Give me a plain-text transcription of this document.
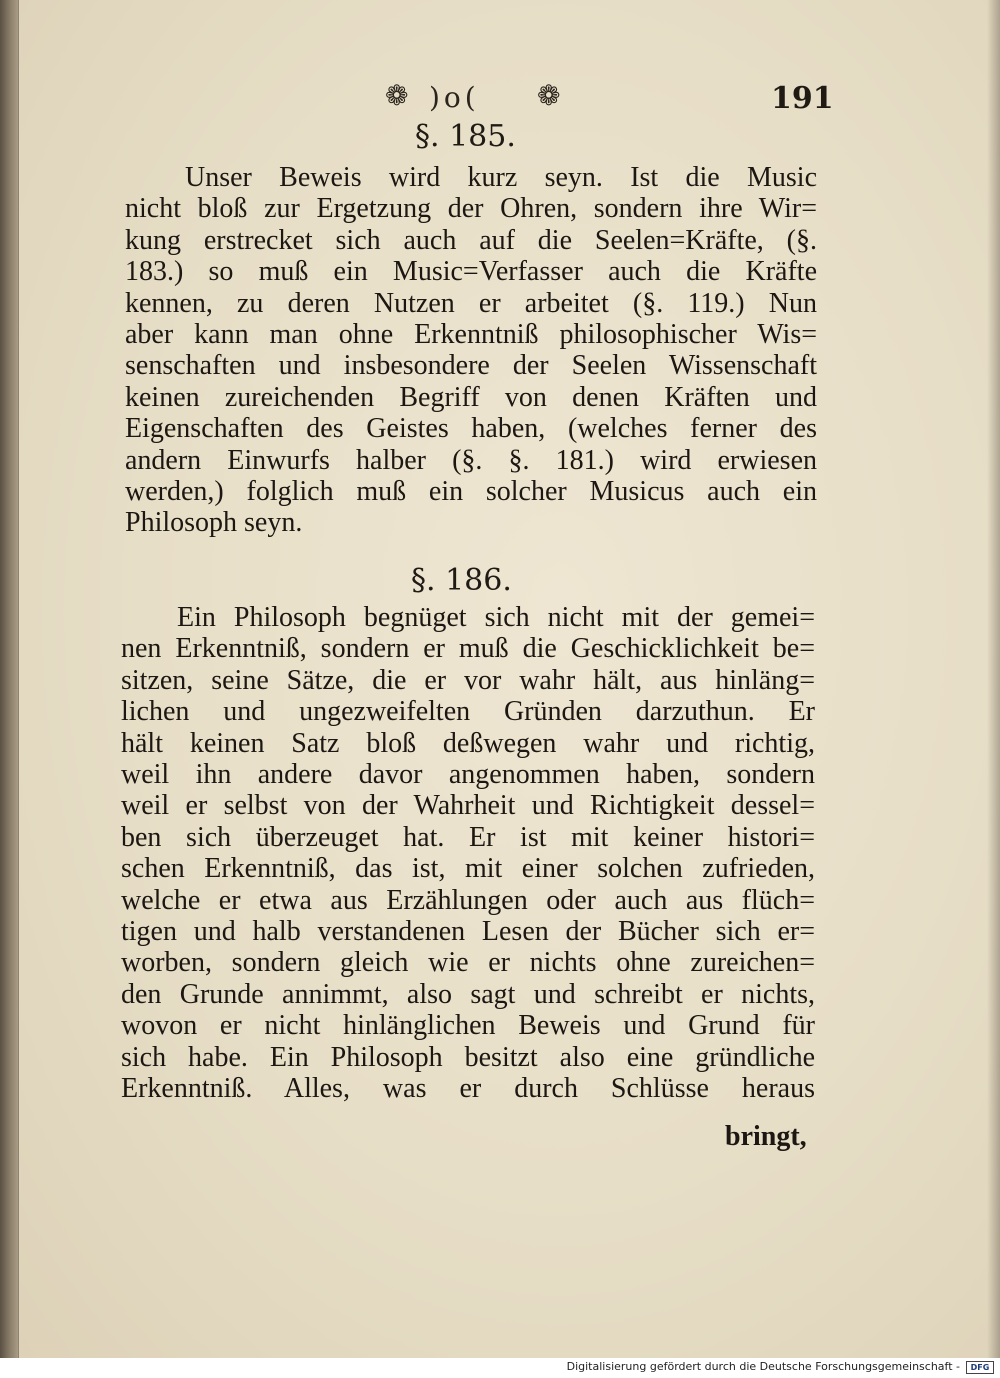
❁ )o( ❁	191
§. 185.
Unser Beweis wird kurz seyn. Ist die Music
nicht bloß zur Ergetzung der Ohren, sondern ihre Wir=
kung erstrecket sich auch auf die Seelen=Kräfte, (§.
183.) so muß ein Music=Verfasser auch die Kräfte
kennen, zu deren Nutzen er arbeitet (§. 119.) Nun
aber kann man ohne Erkenntniß philosophischer Wis=
senschaften und insbesondere der Seelen Wissenschaft
keinen zureichenden Begriff von denen Kräften und
Eigenschaften des Geistes haben, (welches ferner des
andern Einwurfs halber (§. §. 181.) wird erwiesen
werden,) folglich muß ein solcher Musicus auch ein
Philosoph seyn.
§. 186.
Ein Philosoph begnüget sich nicht mit der gemei=
nen Erkenntniß, sondern er muß die Geschicklichkeit be=
sitzen, seine Sätze, die er vor wahr hält, aus hinläng=
lichen und ungezweifelten Gründen darzuthun. Er
hält keinen Satz bloß deßwegen wahr und richtig,
weil ihn andere davor angenommen haben, sondern
weil er selbst von der Wahrheit und Richtigkeit dessel=
ben sich überzeuget hat. Er ist mit keiner histori=
schen Erkenntniß, das ist, mit einer solchen zufrieden,
welche er etwa aus Erzählungen oder auch aus flüch=
tigen und halb verstandenen Lesen der Bücher sich er=
worben, sondern gleich wie er nichts ohne zureichen=
den Grunde annimmt, also sagt und schreibt er nichts,
wovon er nicht hinlänglichen Beweis und Grund für
sich habe. Ein Philosoph besitzt also eine gründliche
Erkenntniß. Alles, was er durch Schlüsse heraus
bringt,
Digitalisierung gefördert durch die Deutsche Forschungsgemeinschaft -	DFG
